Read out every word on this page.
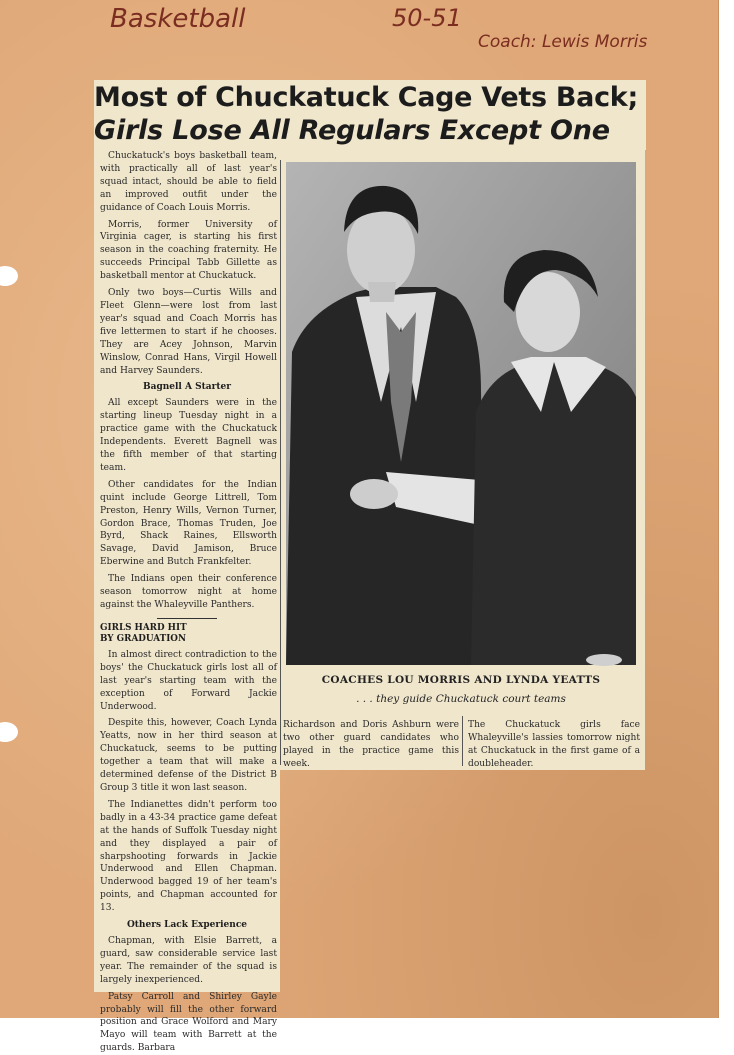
Basketball	50-51
Coach: Lewis Morris
Most of Chuckatuck Cage Vets Back;
Girls Lose All Regulars Except One

Chuckatuck's boys basketball team, with practically all of last year's squad intact, should be able to field an improved outfit under the guidance of Coach Louis Morris.

Morris, former University of Virginia cager, is starting his first season in the coaching fraternity. He succeeds Principal Tabb Gillette as basketball mentor at Chuckatuck.

Only two boys—Curtis Wills and Fleet Glenn—were lost from last year's squad and Coach Morris has five lettermen to start if he chooses. They are Acey Johnson, Marvin Winslow, Conrad Hans, Virgil Howell and Harvey Saunders.

Bagnell A Starter

All except Saunders were in the starting lineup Tuesday night in a practice game with the Chuckatuck Independents. Everett Bagnell was the fifth member of that starting team.

Other candidates for the Indian quint include George Littrell, Tom Preston, Henry Wills, Vernon Turner, Gordon Brace, Thomas Truden, Joe Byrd, Shack Raines, Ellsworth Savage, David Jamison, Bruce Eberwine and Butch Frankfelter.

The Indians open their conference season tomorrow night at home against the Whaleyville Panthers.

GIRLS HARD HIT
BY GRADUATION

In almost direct contradiction to the boys' the Chuckatuck girls lost all of last year's starting team with the exception of Forward Jackie Underwood.

Despite this, however, Coach Lynda Yeatts, now in her third season at Chuckatuck, seems to be putting together a team that will make a determined defense of the District B Group 3 title it won last season.

The Indianettes didn't perform too badly in a 43-34 practice game defeat at the hands of Suffolk Tuesday night and they displayed a pair of sharpshooting forwards in Jackie Underwood and Ellen Chapman. Underwood bagged 19 of her team's points, and Chapman accounted for 13.

Others Lack Experience

Chapman, with Elsie Barrett, a guard, saw considerable service last year. The remainder of the squad is largely inexperienced.

Patsy Carroll and Shirley Gayle probably will fill the other forward position and Grace Wolford and Mary Mayo will team with Barrett at the guards. Barbara

COACHES LOU MORRIS AND LYNDA YEATTS
. . . they guide Chuckatuck court teams
Richardson and Doris Ashburn were two other guard candidates who played in the practice game this week.
The Chuckatuck girls face Whaleyville's lassies tomorrow night at Chuckatuck in the first game of a doubleheader.
